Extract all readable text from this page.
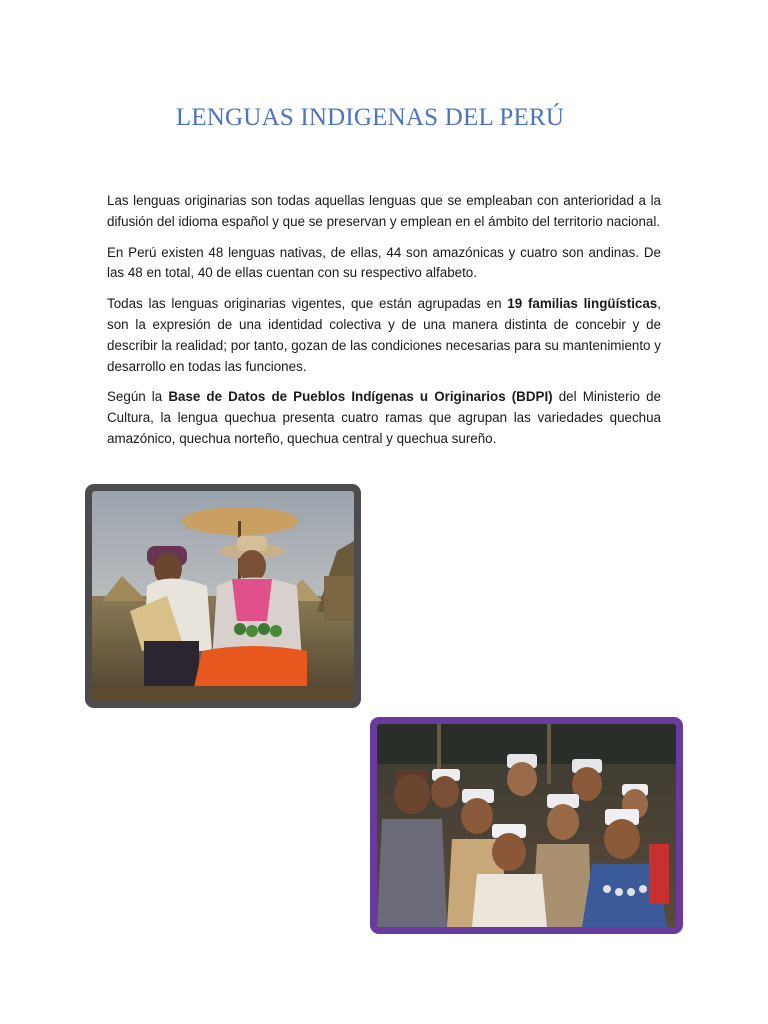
LENGUAS INDIGENAS DEL PERÚ

Las lenguas originarias son todas aquellas lenguas que se empleaban con anterioridad a la difusión del idioma español y que se preservan y emplean en el ámbito del territorio nacional.

En Perú existen 48 lenguas nativas, de ellas, 44 son amazónicas y cuatro son andinas. De las 48 en total, 40 de ellas cuentan con su respectivo alfabeto.

Todas las lenguas originarias vigentes, que están agrupadas en 19 familias lingüísticas, son la expresión de una identidad colectiva y de una manera distinta de concebir y de describir la realidad; por tanto, gozan de las condiciones necesarias para su mantenimiento y desarrollo en todas las funciones.

Según la Base de Datos de Pueblos Indígenas u Originarios (BDPI) del Ministerio de Cultura, la lengua quechua presenta cuatro ramas que agrupan las variedades quechua amazónico, quechua norteño, quechua central y quechua sureño.
